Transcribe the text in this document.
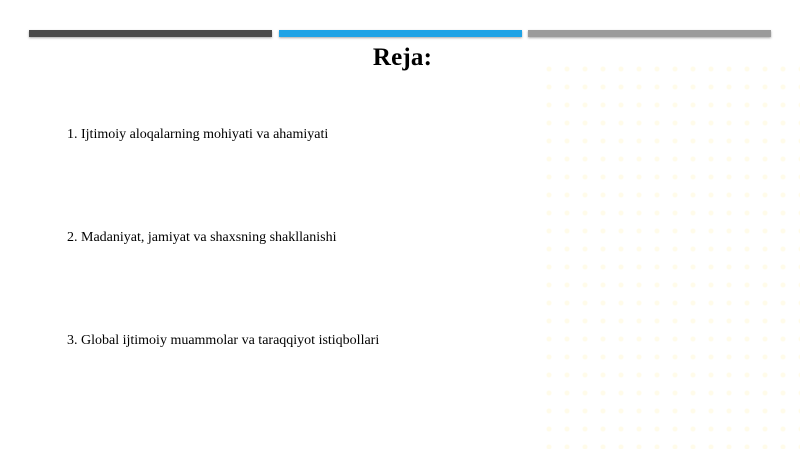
Reja:
1. Ijtimoiy aloqalarning mohiyati va ahamiyati
2. Madaniyat, jamiyat va shaxsning shakllanishi
3. Global ijtimoiy muammolar va taraqqiyot istiqbollari
